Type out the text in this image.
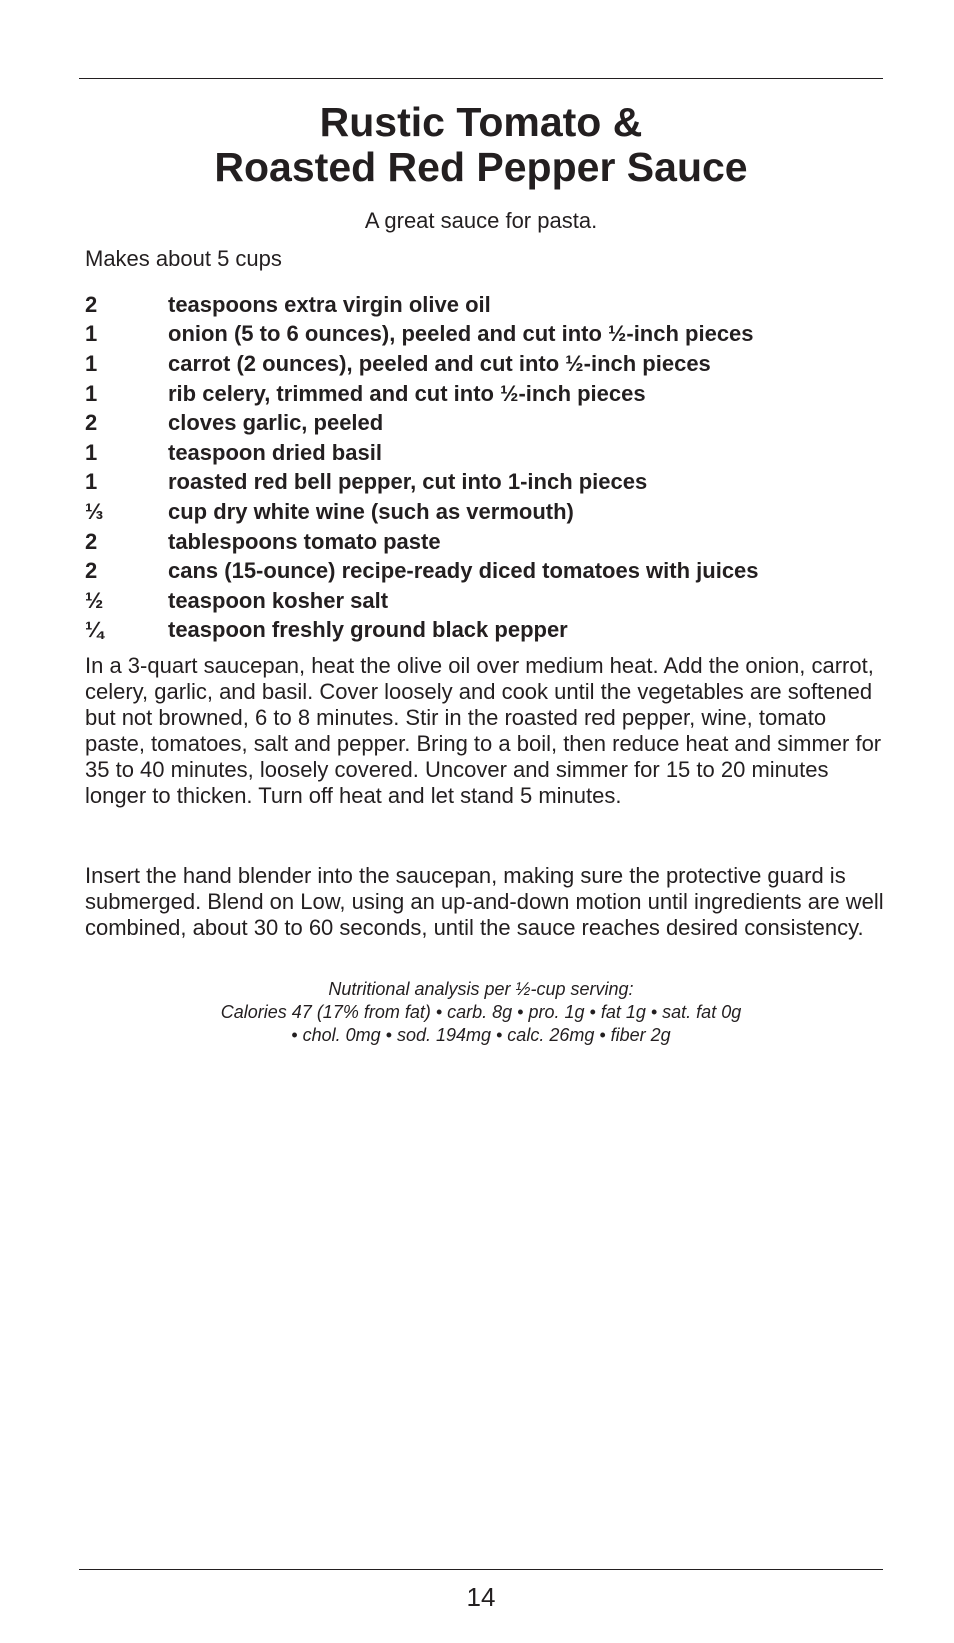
Rustic Tomato &
Roasted Red Pepper Sauce
A great sauce for pasta.
Makes about 5 cups
2	teaspoons extra virgin olive oil
1	onion (5 to 6 ounces), peeled and cut into ½-inch pieces
1	carrot (2 ounces), peeled and cut into ½-inch pieces
1	rib celery, trimmed and cut into ½-inch pieces
2	cloves garlic, peeled
1	teaspoon dried basil
1	roasted red bell pepper, cut into 1-inch pieces
⅓	cup dry white wine (such as vermouth)
2	tablespoons tomato paste
2	cans (15-ounce) recipe-ready diced tomatoes with juices
½	teaspoon kosher salt
¼	teaspoon freshly ground black pepper

In a 3-quart saucepan, heat the olive oil over medium heat. Add the onion, carrot, celery, garlic, and basil. Cover loosely and cook until the vegetables are softened but not browned, 6 to 8 minutes. Stir in the roasted red pepper, wine, tomato paste, tomatoes, salt and pepper. Bring to a boil, then reduce heat and simmer for 35 to 40 minutes, loosely covered. Uncover and simmer for 15 to 20 minutes longer to thicken. Turn off heat and let stand 5 minutes.

Insert the hand blender into the saucepan, making sure the protective guard is submerged. Blend on Low, using an up-and-down motion until ingredients are well combined, about 30 to 60 seconds, until the sauce reaches desired consistency.

Nutritional analysis per ½-cup serving:
Calories 47 (17% from fat) • carb. 8g • pro. 1g • fat 1g • sat. fat 0g
• chol. 0mg • sod. 194mg • calc. 26mg • fiber 2g
14
